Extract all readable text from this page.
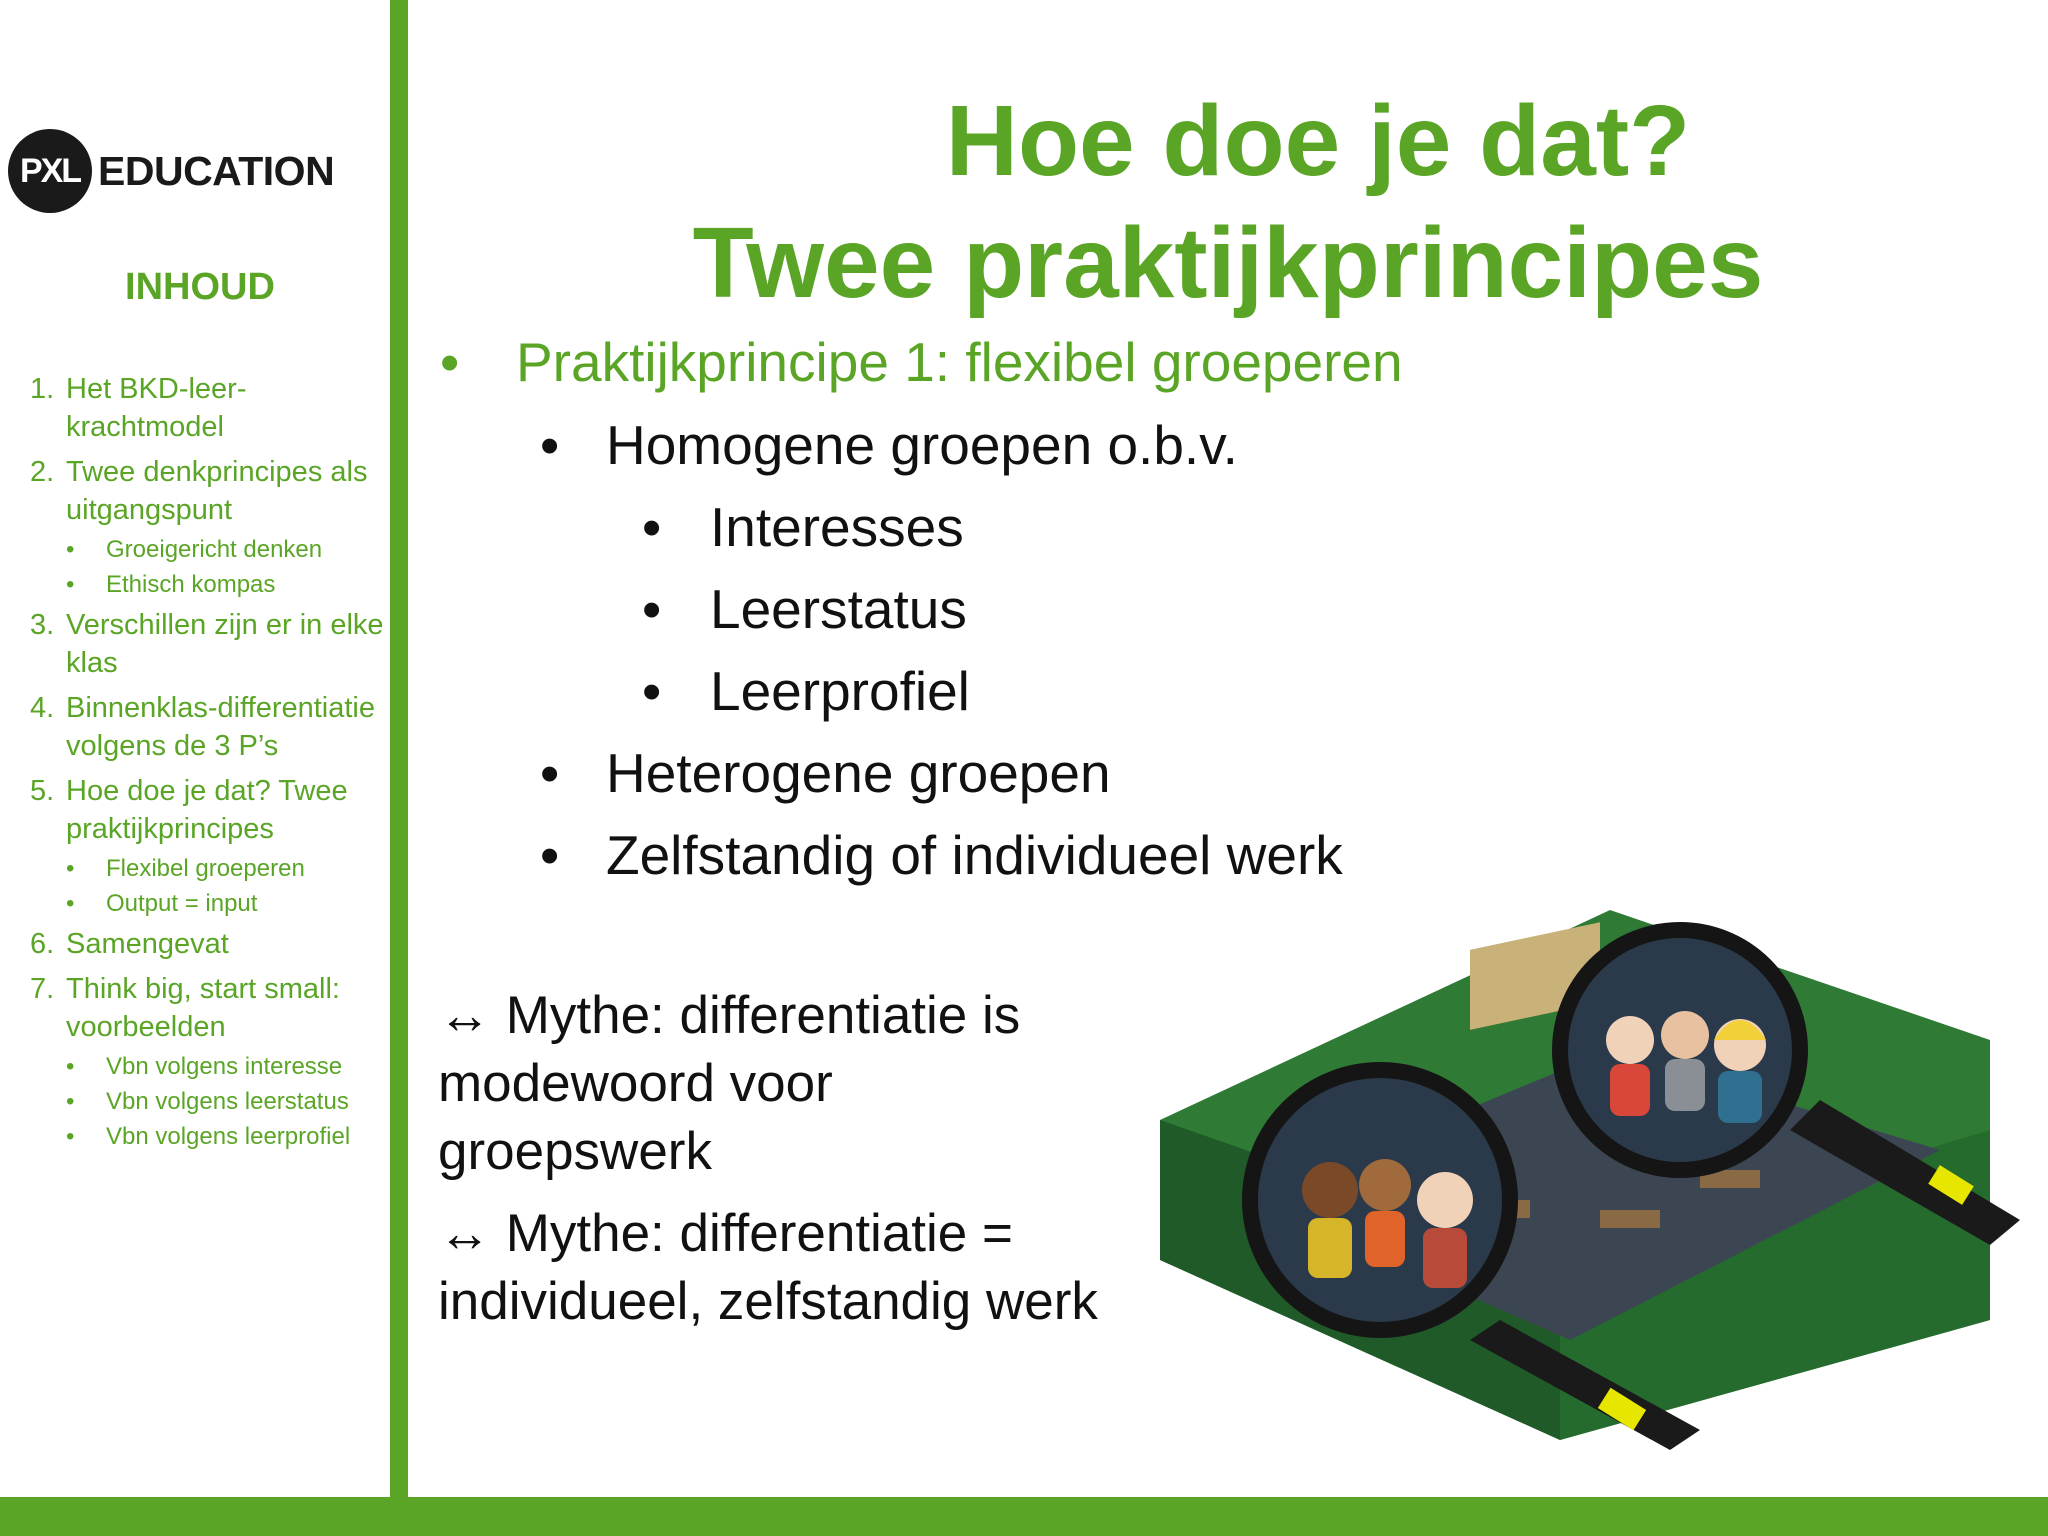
PXL EDUCATION
INHOUD
1. Het BKD-leer-krachtmodel
2. Twee denkprincipes als uitgangspunt
•	Groeigericht denken
•	Ethisch kompas
3. Verschillen zijn er in elke klas
4. Binnenklas-differentiatie volgens de 3 P’s
5. Hoe doe je dat? Twee praktijkprincipes
•	Flexibel groeperen
•	Output = input
6. Samengevat
7. Think big, start small: voorbeelden
•	Vbn volgens interesse
•	Vbn volgens leerstatus
•	Vbn volgens leerprofiel
Hoe doe je dat?
Twee praktijkprincipes
•	Praktijkprincipe 1: flexibel groeperen
• Homogene groepen o.b.v.
• Interesses
• Leerstatus
• Leerprofiel
• Heterogene groepen
• Zelfstandig of individueel werk
↔ Mythe: differentiatie is modewoord voor groepswerk
↔ Mythe: differentiatie = individueel, zelfstandig werk
